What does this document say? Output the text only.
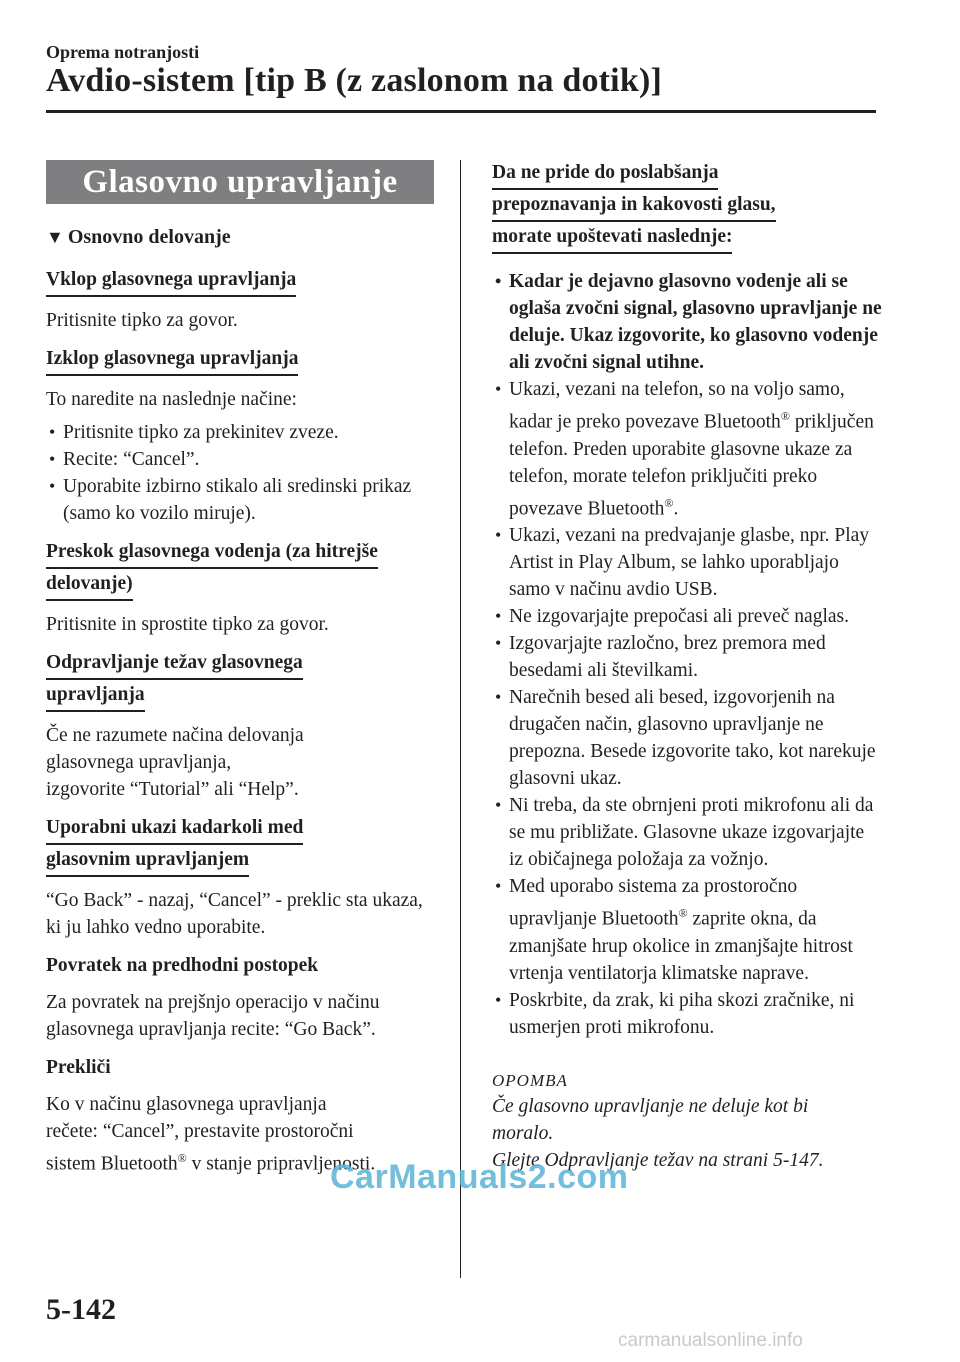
Oprema notranjosti
Avdio-sistem [tip B (z zaslonom na dotik)]
Glasovno upravljanje
▼ Osnovno delovanje
Vklop glasovnega upravljanja

Pritisnite tipko za govor.

Izklop glasovnega upravljanja

To naredite na naslednje načine:

• Pritisnite tipko za prekinitev zveze.
• Recite: “Cancel”.
• Uporabite izbirno stikalo ali sredinski prikaz (samo ko vozilo miruje).
Preskok glasovnega vodenja (za hitrejše
delovanje)

Pritisnite in sprostite tipko za govor.

Odpravljanje težav glasovnega
upravljanja

Če ne razumete načina delovanja
glasovnega upravljanja,
izgovorite “Tutorial” ali “Help”.

Uporabni ukazi kadarkoli med
glasovnim upravljanjem

“Go Back” - nazaj, “Cancel” - preklic sta ukaza, ki ju lahko vedno uporabite.

Povratek na predhodni postopek

Za povratek na prejšnjo operacijo v načinu glasovnega upravljanja recite: “Go Back”.

Prekliči

Ko v načinu glasovnega upravljanja
rečete: “Cancel”, prestavite prostoročni
sistem Bluetooth® v stanje pripravljenosti.

Da ne pride do poslabšanja
prepoznavanja in kakovosti glasu,
morate upoštevati naslednje:
• Kadar je dejavno glasovno vodenje ali se oglaša zvočni signal, glasovno upravljanje ne deluje. Ukaz izgovorite, ko glasovno vodenje ali zvočni signal utihne.
• Ukazi, vezani na telefon, so na voljo samo, kadar je preko povezave Bluetooth® priključen telefon. Preden uporabite glasovne ukaze za telefon, morate telefon priključiti preko povezave Bluetooth®.
• Ukazi, vezani na predvajanje glasbe, npr. Play Artist in Play Album, se lahko uporabljajo samo v načinu avdio USB.
• Ne izgovarjajte prepočasi ali preveč naglas.
• Izgovarjajte razločno, brez premora med besedami ali številkami.
• Narečnih besed ali besed, izgovorjenih na drugačen način, glasovno upravljanje ne prepozna. Besede izgovorite tako, kot narekuje glasovni ukaz.
• Ni treba, da ste obrnjeni proti mikrofonu ali da se mu približate. Glasovne ukaze izgovarjajte iz običajnega položaja za vožnjo.
• Med uporabo sistema za prostoročno upravljanje Bluetooth® zaprite okna, da zmanjšate hrup okolice in zmanjšajte hitrost vrtenja ventilatorja klimatske naprave.
• Poskrbite, da zrak, ki piha skozi zračnike, ni usmerjen proti mikrofonu.
OPOMBA

Če glasovno upravljanje ne deluje kot bi
moralo.
Glejte Odpravljanje težav na strani 5-147.

5-142
CarManuals2.com
carmanualsonline.info
